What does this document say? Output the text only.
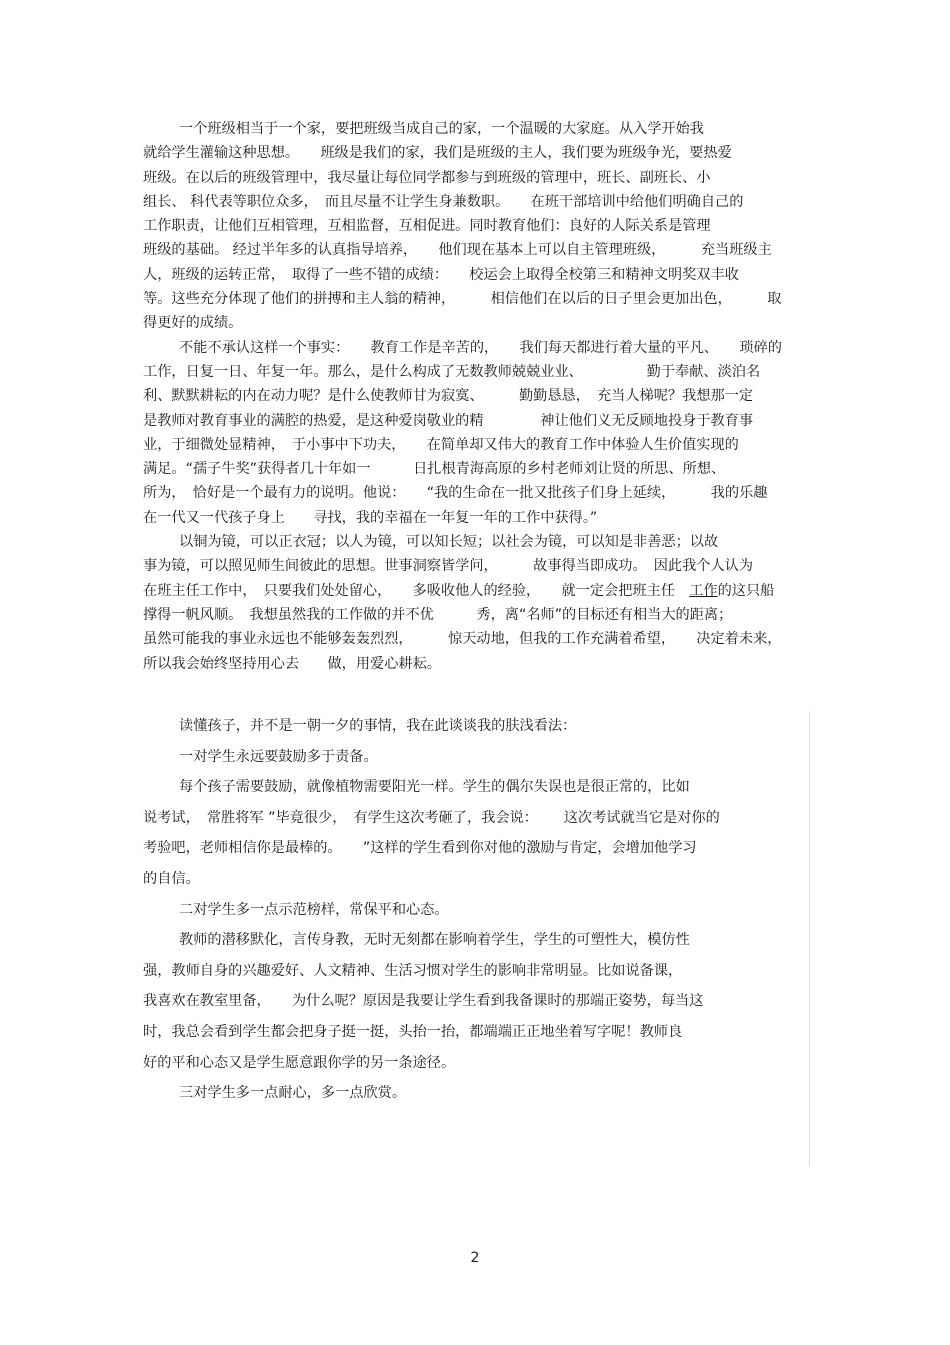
一个班级相当于一个家，要把班级当成自己的家，一个温暖的大家庭。从入学开始我
就给学生灌输这种思想。　　班级是我们的家，我们是班级的主人，我们要为班级争光，要热爱
班级。在以后的班级管理中，我尽量让每位同学都参与到班级的管理中，班长、副班长、小
组长、 科代表等职位众多，　而且尽量不让学生身兼数职。　　在班干部培训中给他们明确自己的
工作职责，让他们互相管理，互相监督，互相促进。同时教育他们：良好的人际关系是管理
班级的基础。 经过半年多的认真指导培养，　　他们现在基本上可以自主管理班级，　　　充当班级主
人，班级的运转正常，　取得了一些不错的成绩：　　校运会上取得全校第三和精神文明奖双丰收
等。这些充分体现了他们的拼搏和主人翁的精神，　　　相信他们在以后的日子里会更加出色，　　　取
得更好的成绩。
不能不承认这样一个事实：　　教育工作是辛苦的，　　我们每天都进行着大量的平凡、　　琐碎的
工作，日复一日、年复一年。那么，是什么构成了无数教师兢兢业业、　　　　　勤于奉献、淡泊名
利、默默耕耘的内在动力呢？是什么使教师甘为寂寞、　　　勤勤恳恳，　充当人梯呢？我想那一定
是教师对教育事业的满腔的热爱，是这种爱岗敬业的精　　　　神让他们义无反顾地投身于教育事
业，于细微处显精神，　于小事中下功夫，　　在简单却又伟大的教育工作中体验人生价值实现的
满足。“孺子牛奖”获得者几十年如一　　　日扎根青海高原的乡村老师刘让贤的所思、所想、
所为，　恰好是一个最有力的说明。他说：　　“我的生命在一批又批孩子们身上延续，　　　我的乐趣
在一代又一代孩子身上　　寻找，我的幸福在一年复一年的工作中获得。”
以铜为镜，可以正衣冠；以人为镜，可以知长短；以社会为镜，可以知是非善恶；以故
事为镜，可以照见师生间彼此的思想。世事洞察皆学问，　　　故事得当即成功。　因此我个人认为
在班主任工作中，　只要我们处处留心，　　多吸收他人的经验，　　就一定会把班主任　工作的这只船
撑得一帆风顺。　我想虽然我的工作做的并不优　　　秀，离“名师”的目标还有相当大的距离；
虽然可能我的事业永远也不能够轰轰烈烈，　　　惊天动地，但我的工作充满着希望，　　决定着未来，
所以我会始终坚持用心去　　做，用爱心耕耘。
读懂孩子，并不是一朝一夕的事情，我在此谈谈我的肤浅看法：
一对学生永远要鼓励多于责备。
每个孩子需要鼓励，就像植物需要阳光一样。学生的偶尔失误也是很正常的，比如
说考试，　常胜将军 ”毕竟很少，　有学生这次考砸了，我会说：　　 这次考试就当它是对你的
考验吧，老师相信你是最棒的。　　”这样的学生看到你对他的激励与肯定，会增加他学习
的自信。
二对学生多一点示范榜样，常保平和心态。
教师的潜移默化，言传身教，无时无刻都在影响着学生，学生的可塑性大，模仿性
强，教师自身的兴趣爱好、人文精神、生活习惯对学生的影响非常明显。比如说备课，
我喜欢在教室里备，　　为什么呢？原因是我要让学生看到我备课时的那端正姿势，每当这
时，我总会看到学生都会把身子挺一挺，头抬一抬，都端端正正地坐着写字呢！教师良
好的平和心态又是学生愿意跟你学的另一条途径。
三对学生多一点耐心，多一点欣赏。
2
